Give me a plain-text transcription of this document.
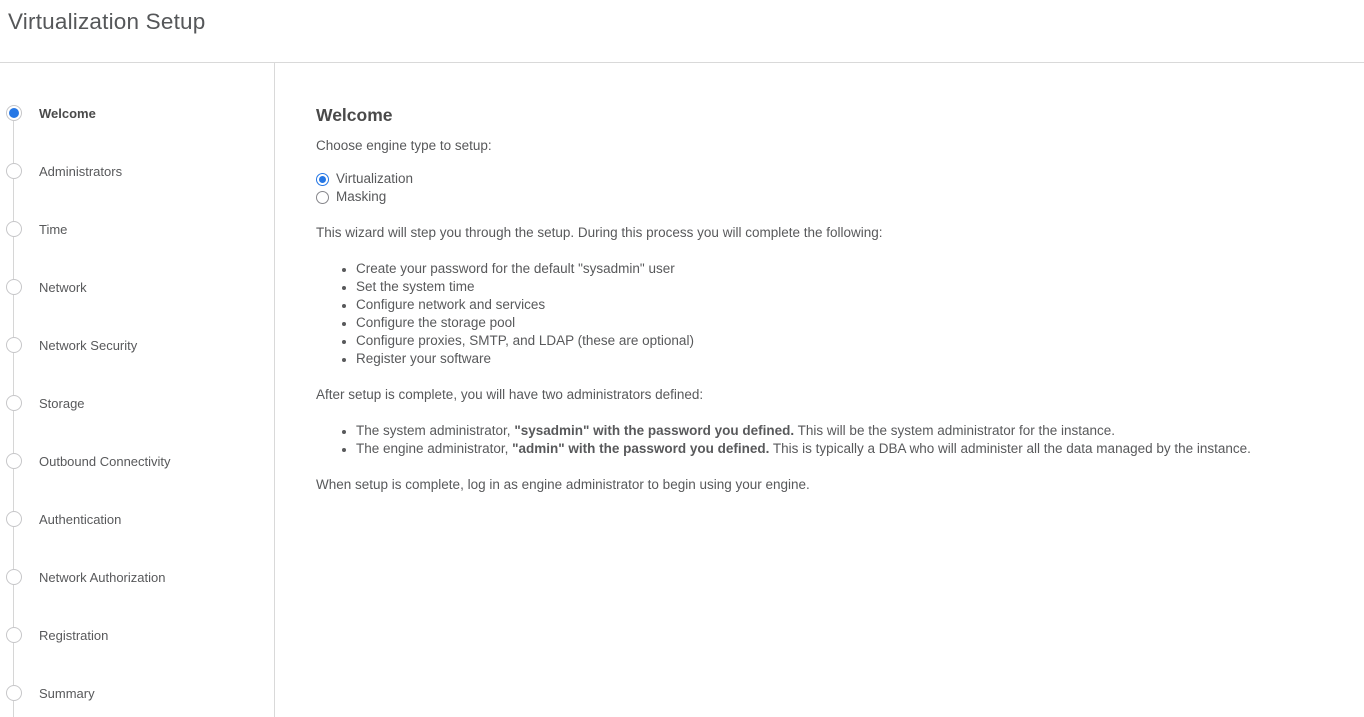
Virtualization Setup
Welcome
Administrators
Time
Network
Network Security
Storage
Outbound Connectivity
Authentication
Network Authorization
Registration
Summary
Welcome
Choose engine type to setup:
Virtualization
Masking
This wizard will step you through the setup. During this process you will complete the following:
• Create your password for the default "sysadmin" user
• Set the system time
• Configure network and services
• Configure the storage pool
• Configure proxies, SMTP, and LDAP (these are optional)
• Register your software
After setup is complete, you will have two administrators defined:
• The system administrator, "sysadmin" with the password you defined. This will be the system administrator for the instance.
• The engine administrator, "admin" with the password you defined. This is typically a DBA who will administer all the data managed by the instance.
When setup is complete, log in as engine administrator to begin using your engine.
